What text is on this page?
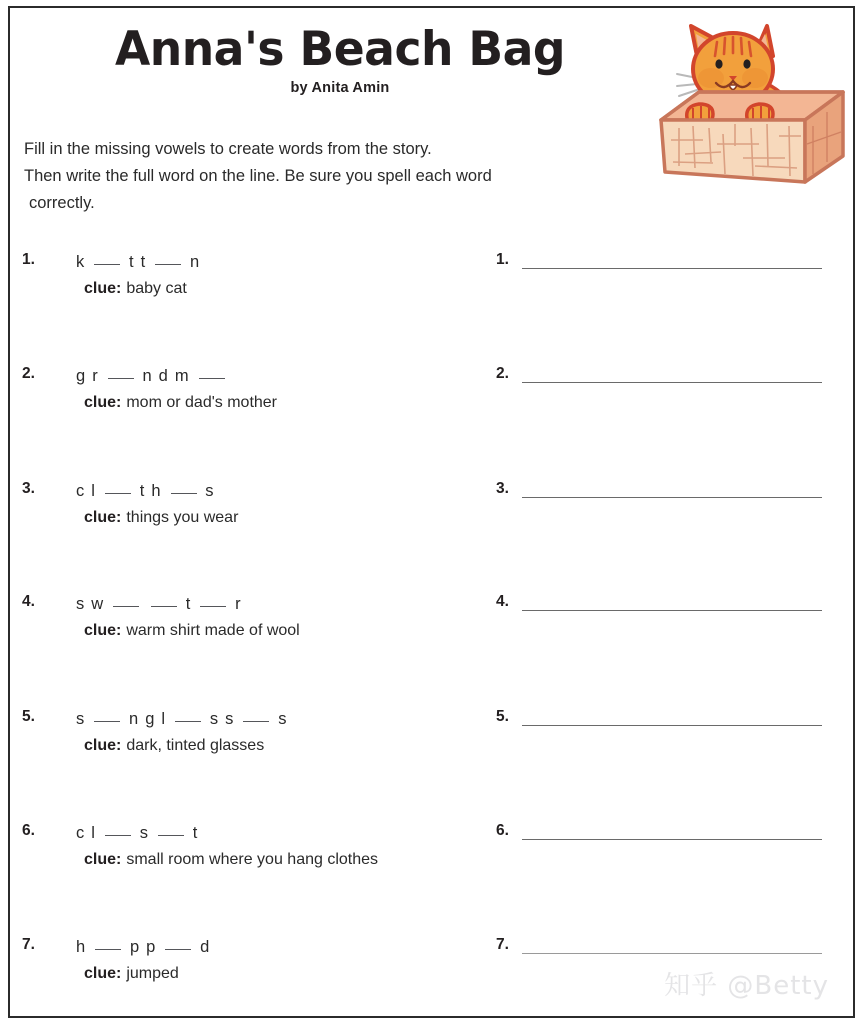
Anna's Beach Bag
by Anita Amin
Fill in the missing vowels to create words from the story.
Then write the full word on the line. Be sure you spell each word
correctly.
1. k	t t	n
clue: baby cat
2. g r	n d m
clue: mom or dad's mother
3. c l	t h	s
clue: things you wear
4. s w	t	r
clue: warm shirt made of wool
5. s	n g l	s s	s
clue: dark, tinted glasses
6. c l	s	t
clue: small room where you hang clothes
7. h	p p	d
clue: jumped
1.
2.
3.
4.
5.
6.
7.
知乎 @Betty
